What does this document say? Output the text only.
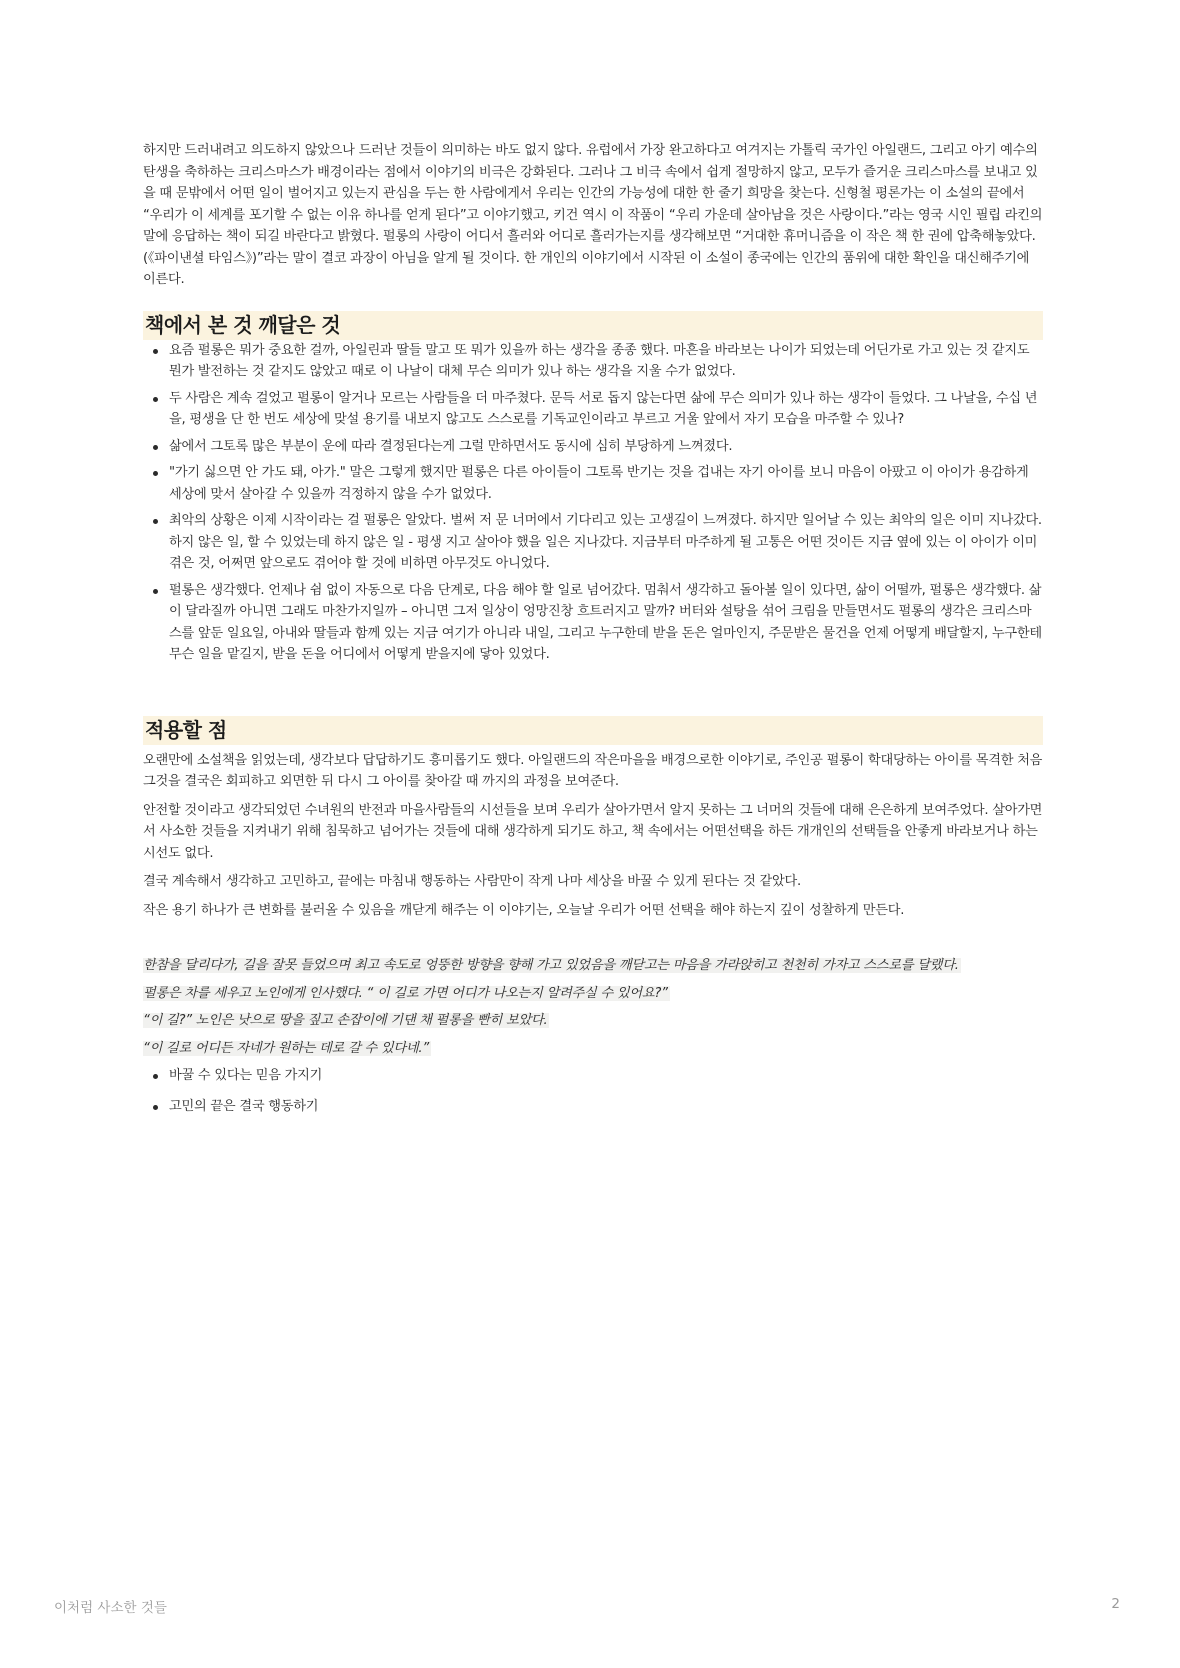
하지만 드러내려고 의도하지 않았으나 드러난 것들이 의미하는 바도 없지 않다. 유럽에서 가장 완고하다고 여겨지는 가톨릭 국가인 아일랜드, 그리고 아기 예수의 탄생을 축하하는 크리스마스가 배경이라는 점에서 이야기의 비극은 강화된다. 그러나 그 비극 속에서 쉽게 절망하지 않고, 모두가 즐거운 크리스마스를 보내고 있을 때 문밖에서 어떤 일이 벌어지고 있는지 관심을 두는 한 사람에게서 우리는 인간의 가능성에 대한 한 줄기 희망을 찾는다. 신형철 평론가는 이 소설의 끝에서 “우리가 이 세계를 포기할 수 없는 이유 하나를 얻게 된다”고 이야기했고, 키건 역시 이 작품이 “우리 가운데 살아남을 것은 사랑이다.”라는 영국 시인 필립 라킨의 말에 응답하는 책이 되길 바란다고 밝혔다. 펄롱의 사랑이 어디서 흘러와 어디로 흘러가는지를 생각해보면 “거대한 휴머니즘을 이 작은 책 한 권에 압축해놓았다.(《파이낸셜 타임스》)”라는 말이 결코 과장이 아님을 알게 될 것이다. 한 개인의 이야기에서 시작된 이 소설이 종국에는 인간의 품위에 대한 확인을 대신해주기에 이른다.

책에서 본 것 깨달은 것
요즘 펄롱은 뭐가 중요한 걸까, 아일린과 딸들 말고 또 뭐가 있을까 하는 생각을 종종 했다. 마흔을 바라보는 나이가 되었는데 어딘가로 가고 있는 것 같지도 뭔가 발전하는 것 같지도 않았고 때로 이 나날이 대체 무슨 의미가 있나 하는 생각을 지울 수가 없었다.
두 사람은 계속 걸었고 펄롱이 알거나 모르는 사람들을 더 마주쳤다. 문득 서로 돕지 않는다면 삶에 무슨 의미가 있나 하는 생각이 들었다. 그 나날을, 수십 년을, 평생을 단 한 번도 세상에 맞설 용기를 내보지 않고도 스스로를 기독교인이라고 부르고 거울 앞에서 자기 모습을 마주할 수 있나?
삶에서 그토록 많은 부분이 운에 따라 결정된다는게 그럴 만하면서도 동시에 심히 부당하게 느껴졌다.
"가기 싫으면 안 가도 돼, 아가." 말은 그렇게 했지만 펄롱은 다른 아이들이 그토록 반기는 것을 겁내는 자기 아이를 보니 마음이 아팠고 이 아이가 용감하게 세상에 맞서 살아갈 수 있을까 걱정하지 않을 수가 없었다.
최악의 상황은 이제 시작이라는 걸 펄롱은 알았다. 벌써 저 문 너머에서 기다리고 있는 고생길이 느껴졌다. 하지만 일어날 수 있는 최악의 일은 이미 지나갔다. 하지 않은 일, 할 수 있었는데 하지 않은 일 - 평생 지고 살아야 했을 일은 지나갔다. 지금부터 마주하게 될 고통은 어떤 것이든 지금 옆에 있는 이 아이가 이미 겪은 것, 어쩌면 앞으로도 겪어야 할 것에 비하면 아무것도 아니었다.
펄롱은 생각했다. 언제나 쉼 없이 자동으로 다음 단계로, 다음 해야 할 일로 넘어갔다. 멈춰서 생각하고 돌아볼 일이 있다면, 삶이 어떨까, 펄롱은 생각했다. 삶이 달라질까 아니면 그래도 마찬가지일까 – 아니면 그저 일상이 엉망진창 흐트러지고 말까? 버터와 설탕을 섞어 크림을 만들면서도 펄롱의 생각은 크리스마스를 앞둔 일요일, 아내와 딸들과 함께 있는 지금 여기가 아니라 내일, 그리고 누구한데 받을 돈은 얼마인지, 주문받은 물건을 언제 어떻게 배달할지, 누구한테 무슨 일을 맡길지, 받을 돈을 어디에서 어떻게 받을지에 닿아 있었다.
적용할 점

오랜만에 소설책을 읽었는데, 생각보다 답답하기도 흥미롭기도 했다. 아일랜드의 작은마을을 배경으로한 이야기로, 주인공 펄롱이 학대당하는 아이를 목격한 처음 그것을 결국은 회피하고 외면한 뒤 다시 그 아이를 찾아갈 때 까지의 과정을 보여준다.

안전할 것이라고 생각되었던 수녀원의 반전과 마을사람들의 시선들을 보며 우리가 살아가면서 알지 못하는 그 너머의 것들에 대해 은은하게 보여주었다. 살아가면서 사소한 것들을 지켜내기 위해 침묵하고 넘어가는 것들에 대해 생각하게 되기도 하고, 책 속에서는 어떤선택을 하든 개개인의 선택들을 안좋게 바라보거나 하는 시선도 없다.

결국 계속해서 생각하고 고민하고, 끝에는 마침내 행동하는 사람만이 작게 나마 세상을 바꿀 수 있게 된다는 것 같았다.

작은 용기 하나가 큰 변화를 불러올 수 있음을 깨닫게 해주는 이 이야기는, 오늘날 우리가 어떤 선택을 해야 하는지 깊이 성찰하게 만든다.

한참을 달리다가, 길을 잘못 들었으며 최고 속도로 엉뚱한 방향을 향해 가고 있었음을 깨닫고는 마음을 가라앉히고 천천히 가자고 스스로를 달랬다.

펄롱은 차를 세우고 노인에게 인사했다. “ 이 길로 가면 어디가 나오는지 알려주실 수 있어요?”

“이 길?” 노인은 낫으로 땅을 짚고 손잡이에 기댄 채 펄롱을 빤히 보았다.

“이 길로 어디든 자네가 원하는 데로 갈 수 있다네.”

바꿀 수 있다는 믿음 가지기
고민의 끝은 결국 행동하기
이처럼 사소한 것들	2
